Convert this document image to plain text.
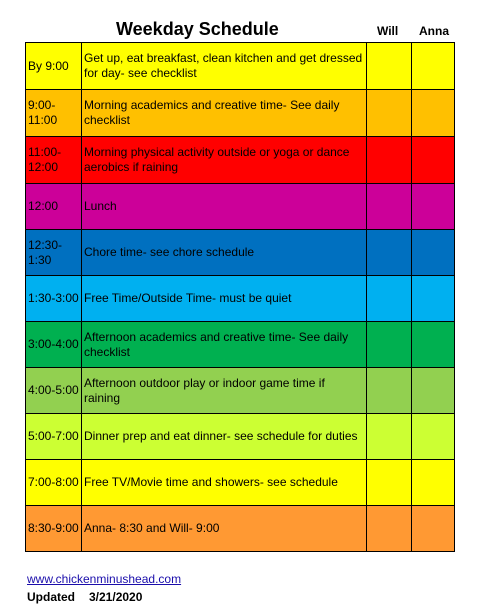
Weekday Schedule	Will Anna
By 9:00
Get up, eat breakfast, clean kitchen and get dressed for day- see checklist
9:00-11:00
Morning academics and creative time- See daily checklist
11:00-12:00
Morning physical activity outside or yoga or dance aerobics if raining
12:00	Lunch
12:30-1:30
Chore time- see chore schedule
1:30-3:00 Free Time/Outside Time- must be quiet
3:00-4:00
Afternoon academics and creative time- See daily checklist
4:00-5:00
Afternoon outdoor play or indoor game time if raining
5:00-7:00 Dinner prep and eat dinner- see schedule for duties
7:00-8:00 Free TV/Movie time and showers- see schedule
8:30-9:00 Anna- 8:30 and Will- 9:00
www.chickenminushead.com
Updated 3/21/2020
